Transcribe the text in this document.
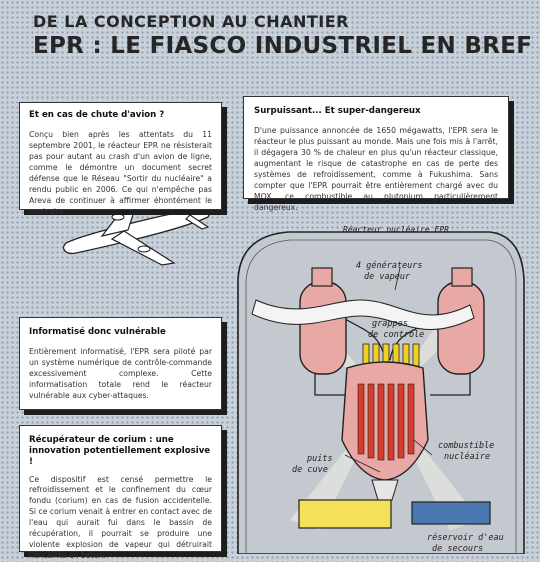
DE LA CONCEPTION AU CHANTIER
EPR : LE FIASCO INDUSTRIEL EN BREF
Réacteur nucléaire EPR
4 générateurs
de vapeur
grappes
de contrôle
combustible
nucléaire
puits
de cuve
réservoir d'eau
de secours

Et en cas de chute d'avion ?

Conçu bien après les attentats du 11 septembre 2001, le réacteur EPR ne résisterait pas pour autant au crash d'un avion de ligne, comme le démontre un document secret défense que le Réseau "Sortir du nucléaire" a rendu public en 2006. Ce qui n'empêche pas Areva de continuer à affirmer éhontément le contraire.

Surpuissant... Et super-dangereux

D'une puissance annoncée de 1650 mégawatts, l'EPR sera le réacteur le plus puissant au monde. Mais une fois mis à l'arrêt, il dégagera 30 % de chaleur en plus qu'un réacteur classique, augmentant le risque de catastrophe en cas de perte des systèmes de refroidissement, comme à Fukushima. Sans compter que l'EPR pourrait être entièrement chargé avec du MOX, ce combustible au plutonium particulièrement dangereux.

Informatisé donc vulnérable

Entièrement informatisé, l'EPR sera piloté par un système numérique de contrôle-commande excessivement complexe. Cette informatisation totale rend le réacteur vulnérable aux cyber-attaques.

Récupérateur de corium : une innovation potentiellement explosive !

Ce dispositif est censé permettre le refroidissement et le confinement du cœur fondu (corium) en cas de fusion accidentelle. Si ce corium venait à entrer en contact avec de l'eau qui aurait fui dans le bassin de récupération, il pourrait se produire une violente explosion de vapeur qui détruirait l'enceinte en béton.
